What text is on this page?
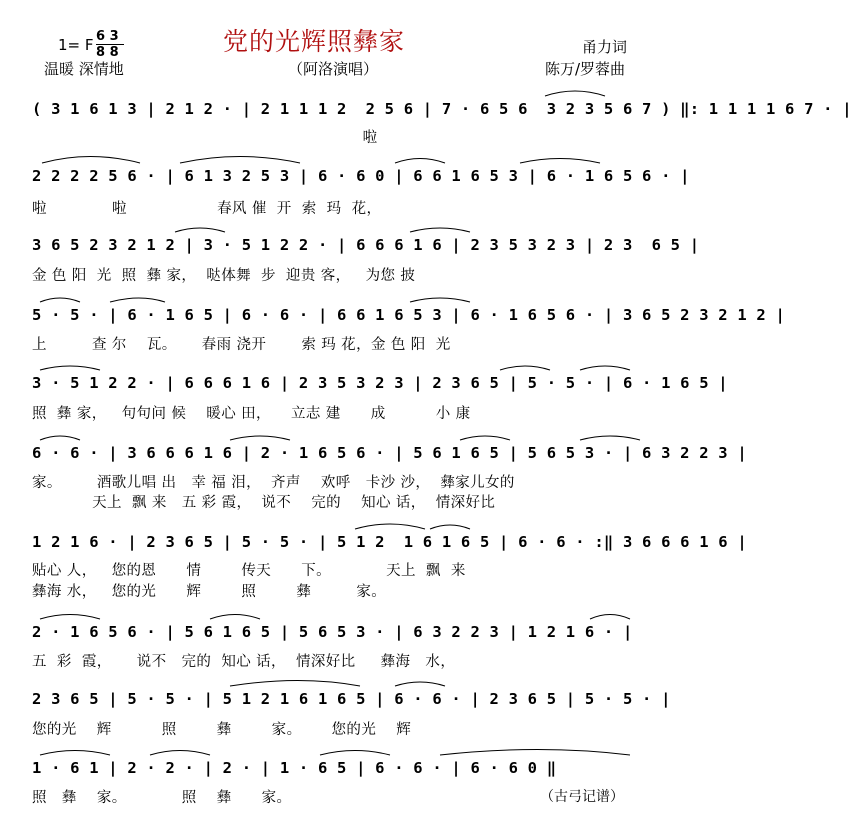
1= F 6 3
8 8	党的光辉照彝家
温暖 深情地	（阿洛演唱）
甬力词
陈万/罗蓉曲
( 3 1 6 1 3 | 2 1 2 · | 2 1 1 1 2  2 5 6 | 7 · 6 5 6  3 2 3 5 6 7 ) ‖: 1 1 1 1 6 7 · |
啦
2 2 2 2 5 6 · | 6 1 3 2 5 3 | 6 · 6 0 | 6 6 1 6 5 3 | 6 · 1 6 5 6 · |
啦             啦                  春风 催  开  索  玛  花，
3 6 5 2 3 2 1 2 | 3 · 5 1 2 2 · | 6 6 6 1 6 | 2 3 5 3 2 3 | 2 3  6 5 |
金 色 阳  光  照  彝 家，  哒体舞  步  迎贵 客，   为您 披
5 · 5 · | 6 · 1 6 5 | 6 · 6 · | 6 6 1 6 5 3 | 6 · 1 6 5 6 · | 3 6 5 2 3 2 1 2 |
上         查 尔    瓦。     春雨 浇开       索 玛 花，金 色 阳  光
3 · 5 1 2 2 · | 6 6 6 1 6 | 2 3 5 3 2 3 | 2 3 6 5 | 5 · 5 · | 6 · 1 6 5 |
照  彝 家，   句句问 候    暖心 田，    立志 建      成          小 康
6 · 6 · | 3 6 6 6 1 6 | 2 · 1 6 5 6 · | 5 6 1 6 5 | 5 6 5 3 · | 6 3 2 2 3 |
家。       酒歌儿唱 出   幸 福 泪，  齐声    欢呼   卡沙 沙，  彝家儿女的
天上  飘 来   五 彩 霞，  说不    完的    知心 话，  情深好比
1 2 1 6 · | 2 3 6 5 | 5 · 5 · | 5 1 2  1 6 1 6 5 | 6 · 6 · :‖ 3 6 6 6 1 6 |
贴心 人，   您的恩      情        传天      下。           天上  飘  来
彝海 水，   您的光      辉        照        彝         家。
2 · 1 6 5 6 · | 5 6 1 6 5 | 5 6 5 3 · | 6 3 2 2 3 | 1 2 1 6 · |
五  彩  霞，     说不   完的  知心 话，  情深好比     彝海   水，
2 3 6 5 | 5 · 5 · | 5 1 2 1 6 1 6 5 | 6 · 6 · | 2 3 6 5 | 5 · 5 · |
您的光    辉          照        彝        家。      您的光    辉
1 · 6 1 | 2 · 2 · | 2 · | 1 · 6 5 | 6 · 6 · | 6 · 6 0 ‖
照   彝    家。           照    彝      家。	（古弓记谱）
